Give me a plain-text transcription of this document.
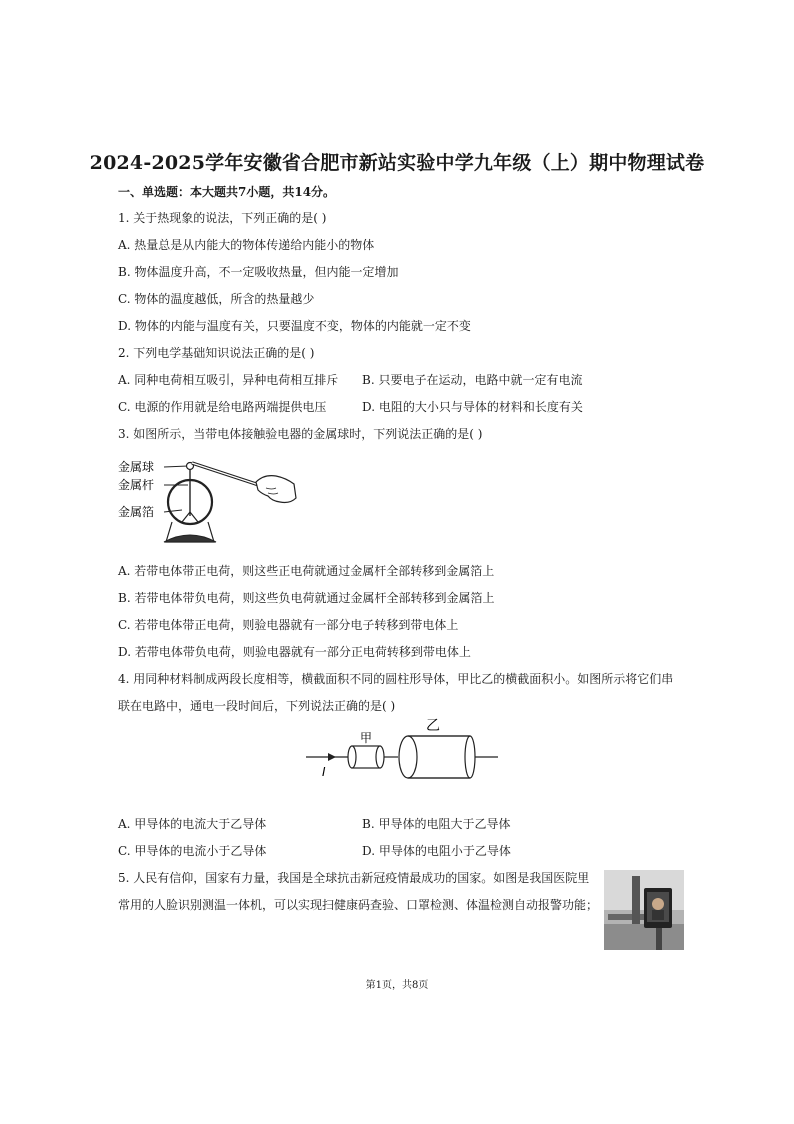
2024-2025学年安徽省合肥市新站实验中学九年级（上）期中物理试卷
一、单选题：本大题共7小题，共14分。
1. 关于热现象的说法，下列正确的是( )
A. 热量总是从内能大的物体传递给内能小的物体
B. 物体温度升高，不一定吸收热量，但内能一定增加
C. 物体的温度越低，所含的热量越少
D. 物体的内能与温度有关，只要温度不变，物体的内能就一定不变
2. 下列电学基础知识说法正确的是( )
A. 同种电荷相互吸引，异种电荷相互排斥 B. 只要电子在运动，电路中就一定有电流
C. 电源的作用就是给电路两端提供电压	D. 电阻的大小只与导体的材料和长度有关
3. 如图所示，当带电体接触验电器的金属球时，下列说法正确的是( )
金属球
金属杆
金属箔
A. 若带电体带正电荷，则这些正电荷就通过金属杆全部转移到金属箔上
B. 若带电体带负电荷，则这些负电荷就通过金属杆全部转移到金属箔上
C. 若带电体带正电荷，则验电器就有一部分电子转移到带电体上
D. 若带电体带负电荷，则验电器就有一部分正电荷转移到带电体上
4. 用同种材料制成两段长度相等，横截面积不同的圆柱形导体，甲比乙的横截面积小。如图所示将它们串
联在电路中，通电一段时间后，下列说法正确的是( )
甲
乙
I
A. 甲导体的电流大于乙导体	B. 甲导体的电阻大于乙导体
C. 甲导体的电流小于乙导体	D. 甲导体的电阻小于乙导体
5. 人民有信仰，国家有力量，我国是全球抗击新冠疫情最成功的国家。如图是我国医院里
常用的人脸识别测温一体机，可以实现扫健康码查验、口罩检测、体温检测自动报警功能；
第1页，共8页
